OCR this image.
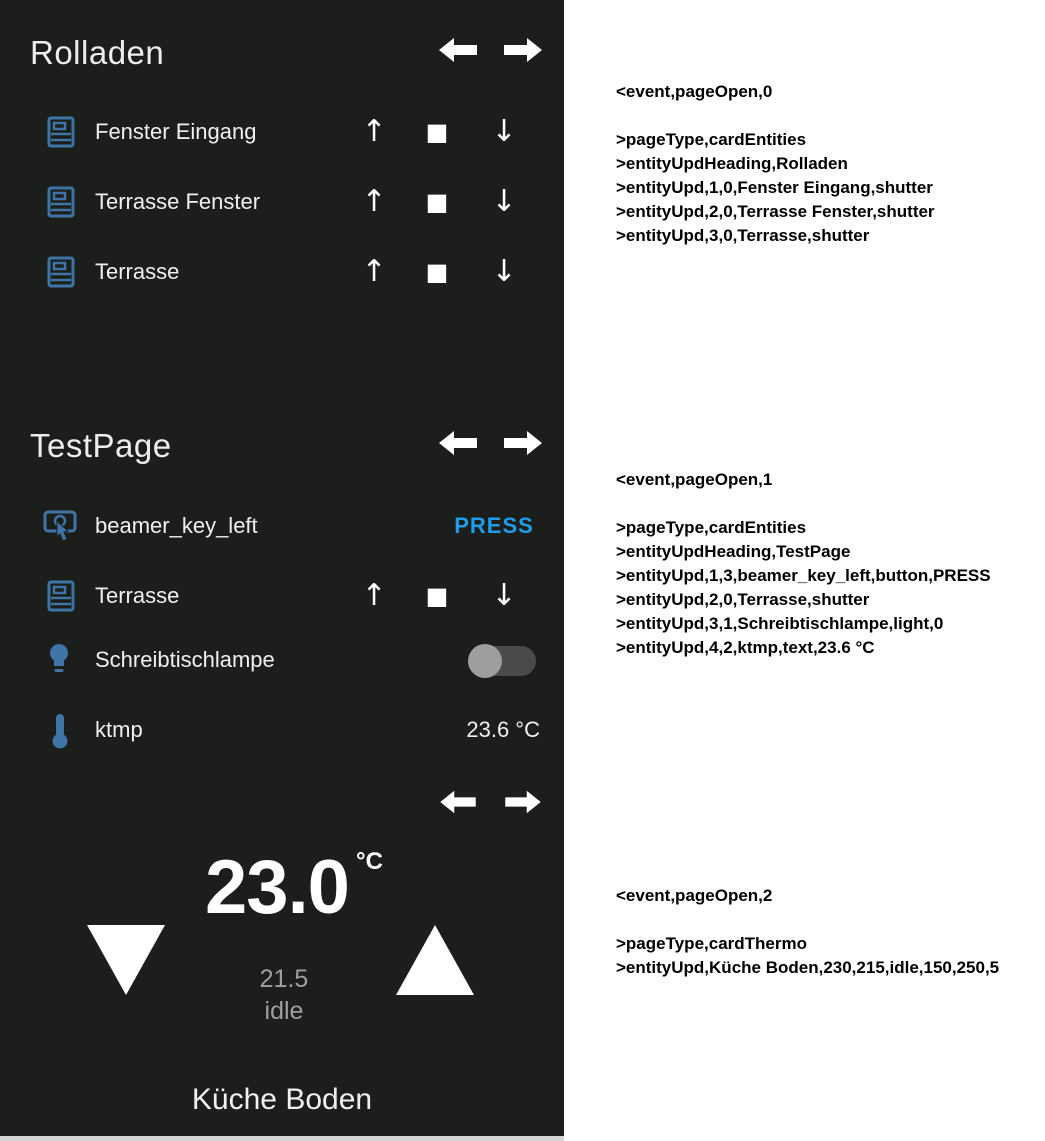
Rolladen
Fenster Eingang	↑ ■ ↓
Terrasse Fenster	↑ ■ ↓
Terrasse	↑ ■ ↓
TestPage
beamer_key_left	PRESS
Terrasse	↑ ■ ↓
Schreibtischlampe
ktmp	23.6 °C
23.0 °C
21.5
idle
Küche Boden
<event,pageOpen,0
>pageType,cardEntities
>entityUpdHeading,Rolladen
>entityUpd,1,0,Fenster Eingang,shutter
>entityUpd,2,0,Terrasse Fenster,shutter
>entityUpd,3,0,Terrasse,shutter
<event,pageOpen,1
>pageType,cardEntities
>entityUpdHeading,TestPage
>entityUpd,1,3,beamer_key_left,button,PRESS
>entityUpd,2,0,Terrasse,shutter
>entityUpd,3,1,Schreibtischlampe,light,0
>entityUpd,4,2,ktmp,text,23.6 °C
<event,pageOpen,2
>pageType,cardThermo
>entityUpd,Küche Boden,230,215,idle,150,250,5
